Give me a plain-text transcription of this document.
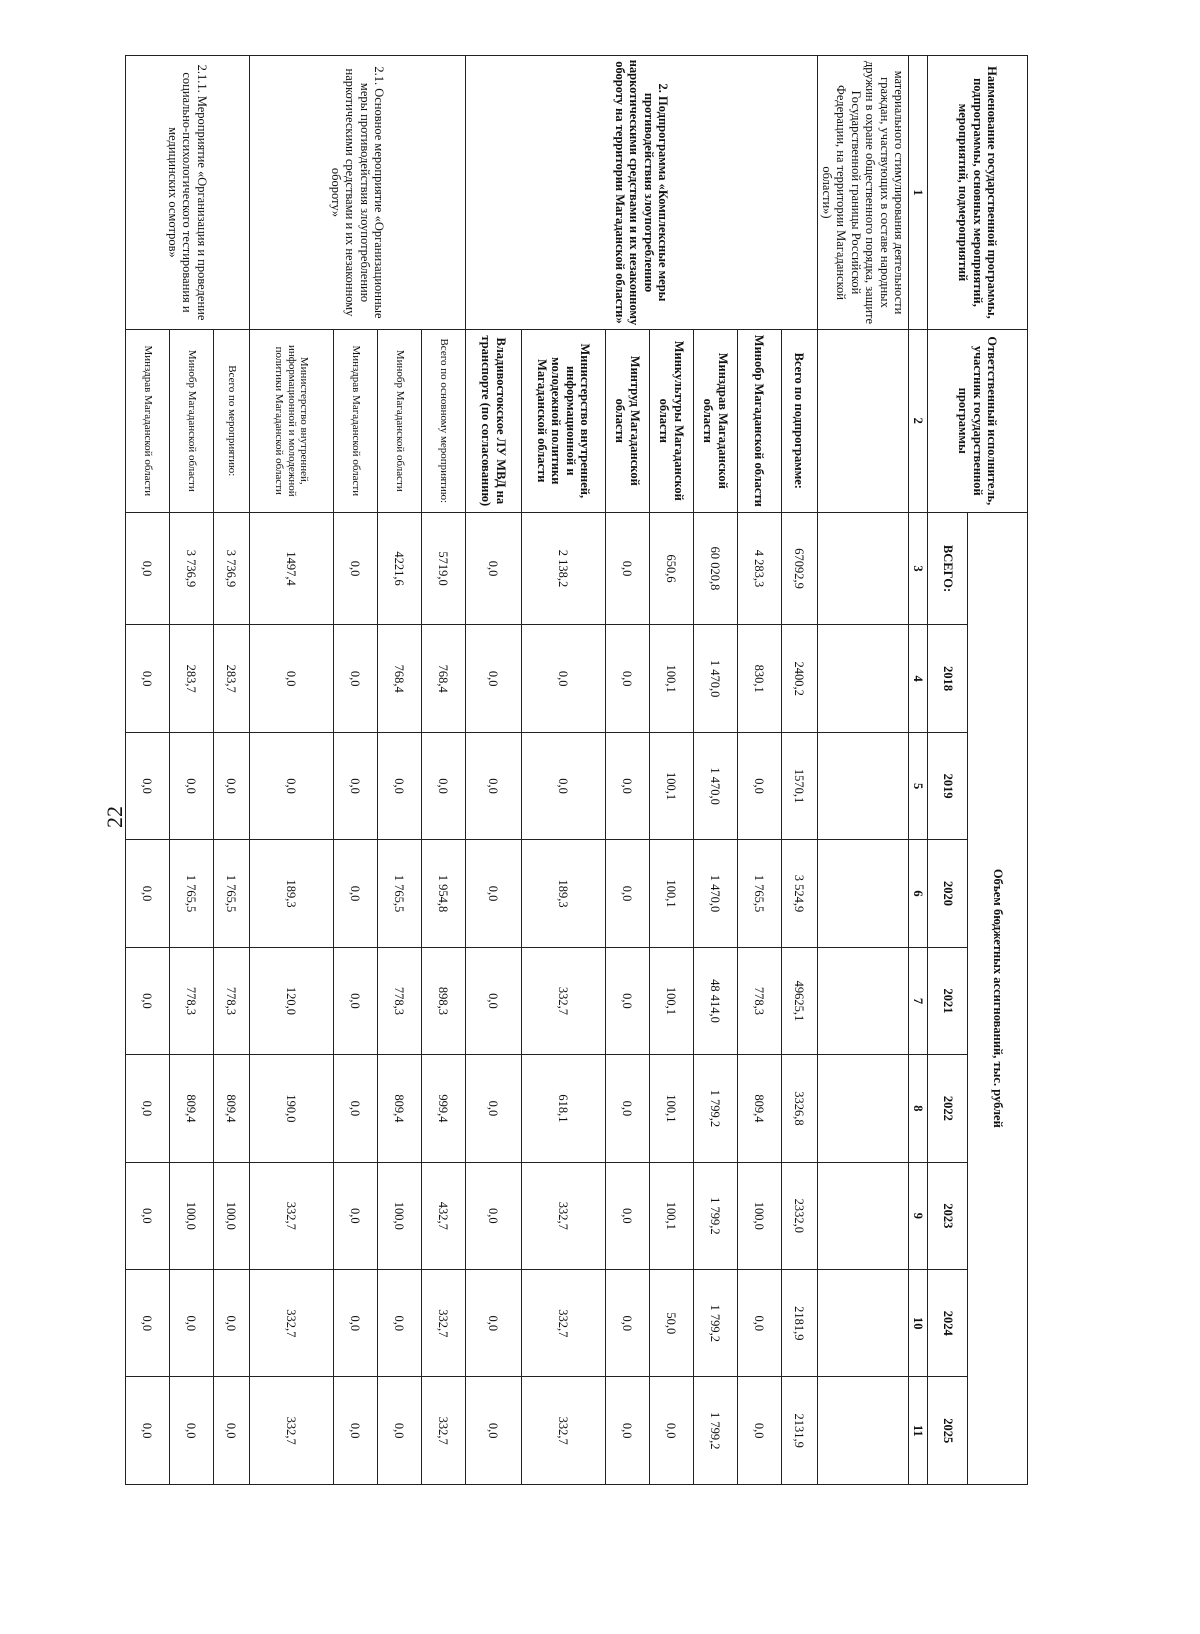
22
Наименование государственной программы, подпрограммы, основных мероприятий, мероприятий, подмероприятий	Ответственный исполнитель, участник государственной программы	Объем бюджетных ассигнований, тыс. рублей								
		ВСЕГО:	2018	2019	2020	2021	2022	2023	2024	2025
1	2	3	4	5	6	7	8	9	10	11
материального стимулирования деятельности граждан, участвующих в составе народных дружин в охране общественного порядка, защите Государственной границы Российской Федерации, на территории Магаданской области»)										
2. Подпрограмма «Комплексные меры противодействия злоупотреблению наркотическими средствами и их незаконному обороту на территории Магаданской области»	Всего по подпрограмме:	67092,9	2400,2	1570,1	3 524,9	49625,1	3326,8	2332,0	2181,9	2131,9
	Минобр Магаданской области	4 283,3	830,1	0,0	1 765,5	778,3	809,4	100,0	0,0	0,0
	Минздрав Магаданской области	60 020,8	1 470,0	1 470,0	1 470,0	48 414,0	1 799,2	1 799,2	1 799,2	1 799,2
	Минкультуры Магаданской области	650,6	100,1	100,1	100,1	100,1	100,1	100,1	50,0	0,0
	Минтруд Магаданской области	0,0	0,0	0,0	0,0	0,0	0,0	0,0	0,0	0,0
	Министерство внутренней, информационной и молодежной политики Магаданской области	2 138,2	0,0	0,0	189,3	332,7	618,1	332,7	332,7	332,7
	Владивостокское ЛУ МВД на транспорте (по согласованию)	0,0	0,0	0,0	0,0	0,0	0,0	0,0	0,0	0,0
2.1. Основное мероприятие «Организационные меры противодействия злоупотреблению наркотическими средствами и их незаконному обороту»	Всего по основному мероприятию:	5719,0	768,4	0,0	1 954,8	898,3	999,4	432,7	332,7	332,7
	Минобр Магаданской области	4221,6	768,4	0,0	1 765,5	778,3	809,4	100,0	0,0	0,0
	Минздрав Магаданской области	0,0	0,0	0,0	0,0	0,0	0,0	0,0	0,0	0,0
	Министерство внутренней, информационной и молодежной политики Магаданской области	1497,4	0,0	0,0	189,3	120,0	190,0	332,7	332,7	332,7
2.1.1. Мероприятие «Организация и проведение социально-психологического тестирования и медицинских осмотров»	Всего по мероприятию:	3 736,9	283,7	0,0	1 765,5	778,3	809,4	100,0	0,0	0,0
	Минобр Магаданской области	3 736,9	283,7	0,0	1 765,5	778,3	809,4	100,0	0,0	0,0
	Минздрав Магаданской области	0,0	0,0	0,0	0,0	0,0	0,0	0,0	0,0	0,0
